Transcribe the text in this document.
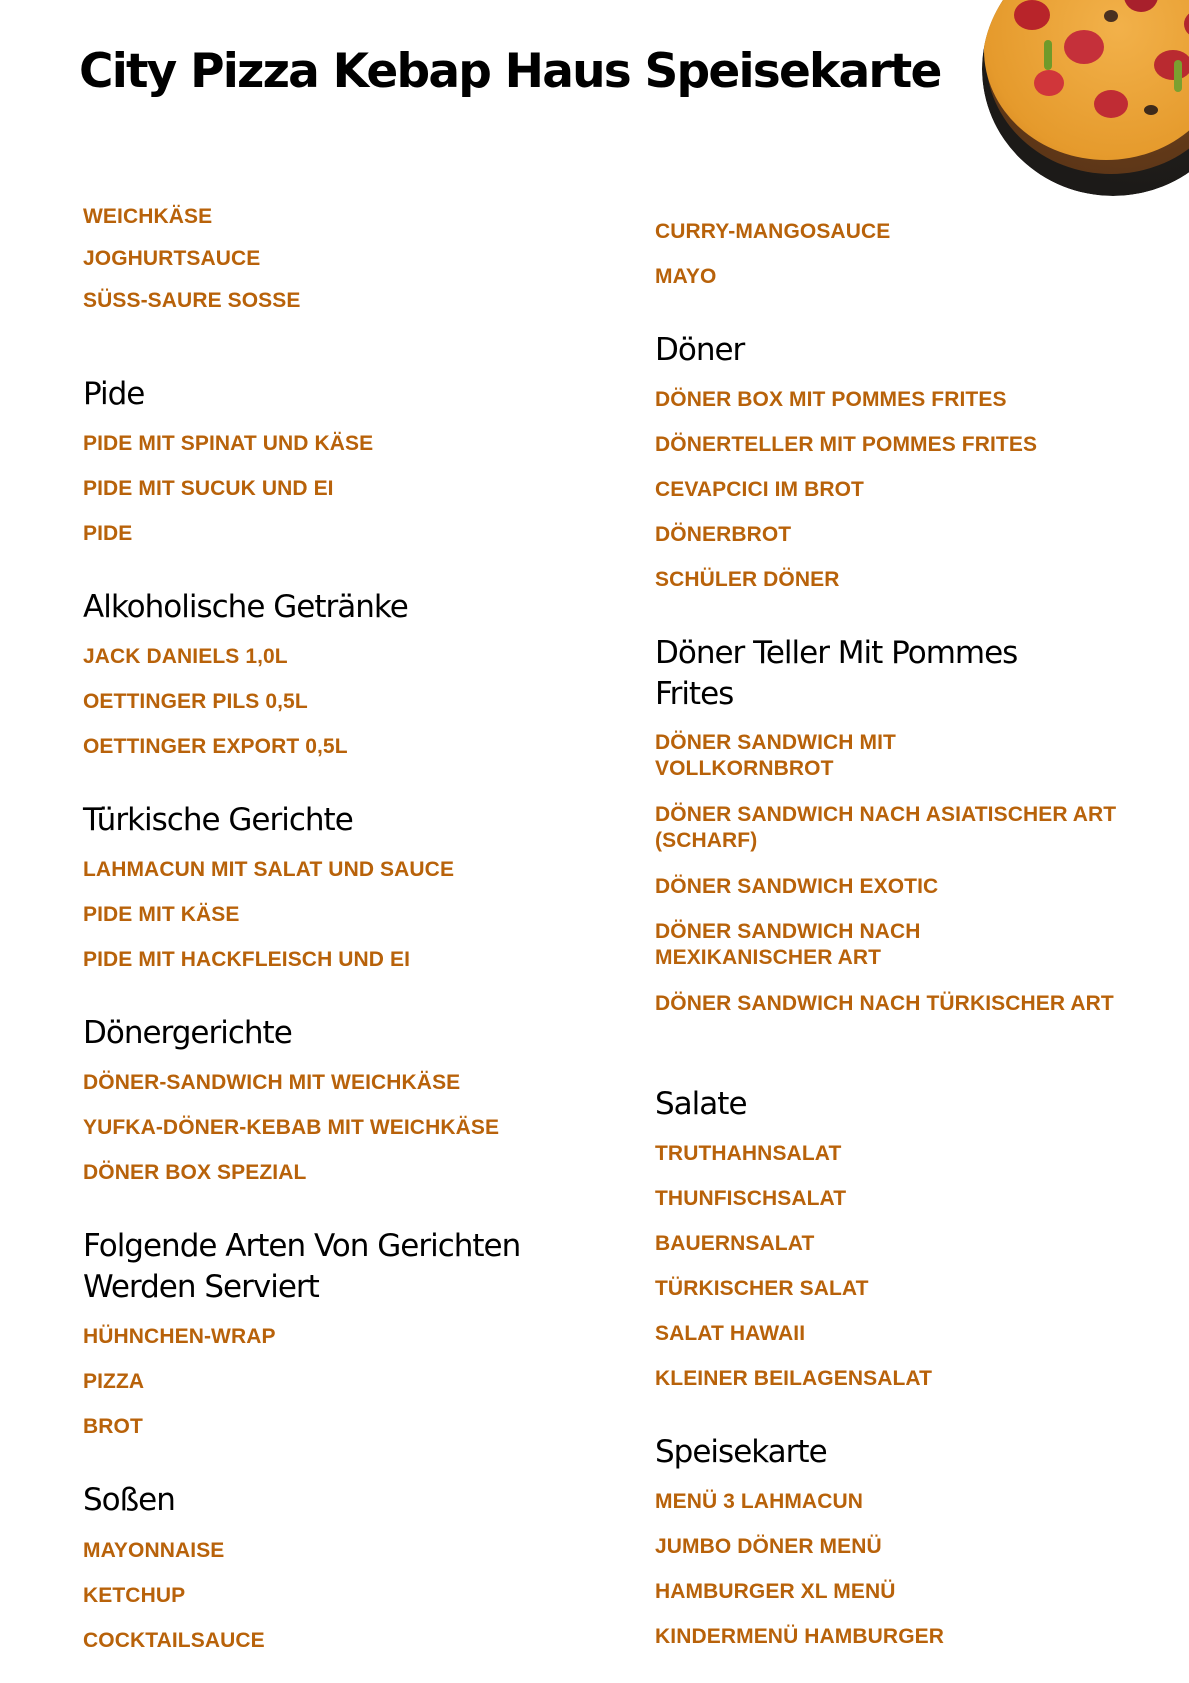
City Pizza Kebap Haus Speisekarte

WEICHKÄSE

JOGHURTSAUCE

SÜSS-SAURE SOSSE

Pide

PIDE MIT SPINAT UND KÄSE

PIDE MIT SUCUK UND EI

PIDE

Alkoholische Getränke

JACK DANIELS 1,0L

OETTINGER PILS 0,5L

OETTINGER EXPORT 0,5L

Türkische Gerichte

LAHMACUN MIT SALAT UND SAUCE

PIDE MIT KÄSE

PIDE MIT HACKFLEISCH UND EI

Dönergerichte

DÖNER-SANDWICH MIT WEICHKÄSE

YUFKA-DÖNER-KEBAB MIT WEICHKÄSE

DÖNER BOX SPEZIAL

Folgende Arten Von Gerichten Werden Serviert

HÜHNCHEN-WRAP

PIZZA

BROT

Soßen

MAYONNAISE

KETCHUP

COCKTAILSAUCE

CURRY-MANGOSAUCE

MAYO

Döner

DÖNER BOX MIT POMMES FRITES

DÖNERTELLER MIT POMMES FRITES

CEVAPCICI IM BROT

DÖNERBROT

SCHÜLER DÖNER

Döner Teller Mit Pommes Frites

DÖNER SANDWICH MIT VOLLKORNBROT

DÖNER SANDWICH NACH ASIATISCHER ART (SCHARF)

DÖNER SANDWICH EXOTIC

DÖNER SANDWICH NACH MEXIKANISCHER ART

DÖNER SANDWICH NACH TÜRKISCHER ART

Salate

TRUTHAHNSALAT

THUNFISCHSALAT

BAUERNSALAT

TÜRKISCHER SALAT

SALAT HAWAII

KLEINER BEILAGENSALAT

Speisekarte

MENÜ 3 LAHMACUN

JUMBO DÖNER MENÜ

HAMBURGER XL MENÜ

KINDERMENÜ HAMBURGER
